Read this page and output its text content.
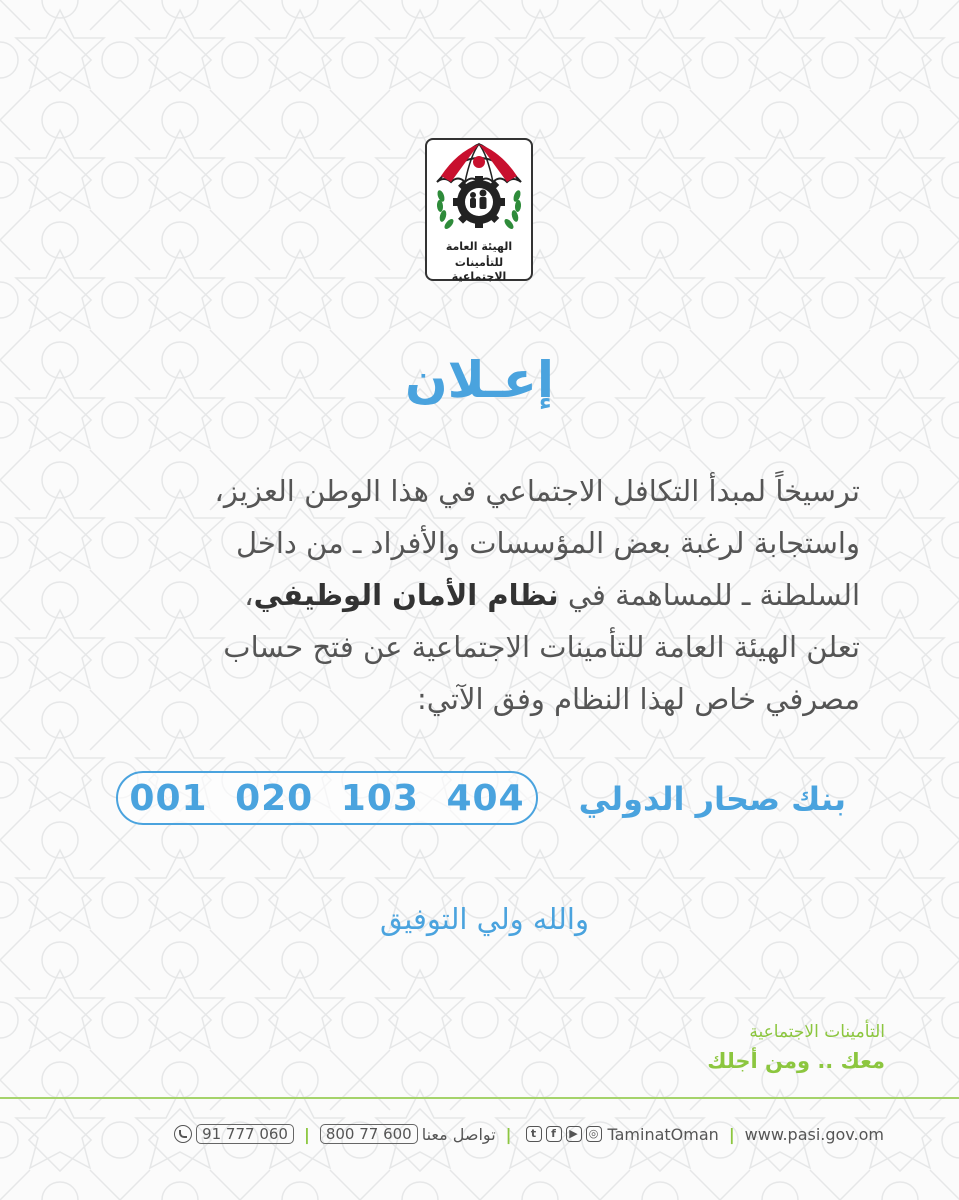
الهيئة العامة
للتأمينات الاجتماعية
إعـلان

ترسيخاً لمبدأ التكافل الاجتماعي في هذا الوطن العزيز،

واستجابة لرغبة بعض المؤسسات والأفراد ـ من داخل

السلطنة ـ للمساهمة في نظام الأمان الوظيفي،

تعلن الهيئة العامة للتأمينات الاجتماعية عن فتح حساب

مصرفي خاص لهذا النظام وفق الآتي:

بنك صحار الدولي
001 020 103 404
والله ولي التوفيق
التأمينات الاجتماعية
معك .. ومن أجلك
91 777 060	|	800 77 600 تواصل معنا |	t	f	▶ ◎ TaminatOman | www.pasi.gov.om
